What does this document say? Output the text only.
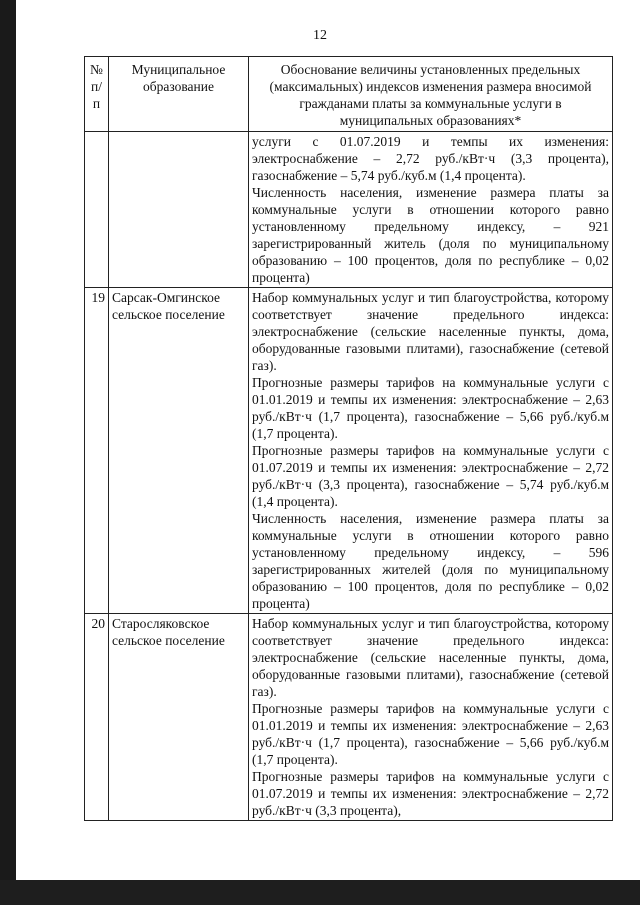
12
№ п/п	Муниципальное образование	Обоснование величины установленных предельных (максимальных) индексов изменения размера вносимой гражданами платы за коммунальные услуги в муниципальных образованиях*

		услуги с 01.07.2019 и темпы их изменения: электроснабжение – 2,72 руб./кВт·ч (3,3 процента), газоснабжение – 5,74 руб./куб.м (1,4 процента).

Численность населения, изменение размера платы за коммунальные услуги в отношении которого равно установленному предельному индексу, – 921 зарегистрированный житель (доля по муниципальному образованию – 100 процентов, доля по республике – 0,02 процента)

19	Сарсак-Омгинское сельское поселение	Набор коммунальных услуг и тип благоустройства, которому соответствует значение предельного индекса: электроснабжение (сельские населенные пункты, дома, оборудованные газовыми плитами), газоснабжение (сетевой газ).

Прогнозные размеры тарифов на коммунальные услуги с 01.01.2019 и темпы их изменения: электроснабжение – 2,63 руб./кВт·ч (1,7 процента), газоснабжение – 5,66 руб./куб.м (1,7 процента).

Прогнозные размеры тарифов на коммунальные услуги с 01.07.2019 и темпы их изменения: электроснабжение – 2,72 руб./кВт·ч (3,3 процента), газоснабжение – 5,74 руб./куб.м (1,4 процента).

Численность населения, изменение размера платы за коммунальные услуги в отношении которого равно установленному предельному индексу, – 596 зарегистрированных жителей (доля по муниципальному образованию – 100 процентов, доля по республике – 0,02 процента)

20	Старосляковское сельское поселение	Набор коммунальных услуг и тип благоустройства, которому соответствует значение предельного индекса: электроснабжение (сельские населенные пункты, дома, оборудованные газовыми плитами), газоснабжение (сетевой газ).

Прогнозные размеры тарифов на коммунальные услуги с 01.01.2019 и темпы их изменения: электроснабжение – 2,63 руб./кВт·ч (1,7 процента), газоснабжение – 5,66 руб./куб.м (1,7 процента).

Прогнозные размеры тарифов на коммунальные услуги с 01.07.2019 и темпы их изменения: электроснабжение – 2,72 руб./кВт·ч (3,3 процента),
